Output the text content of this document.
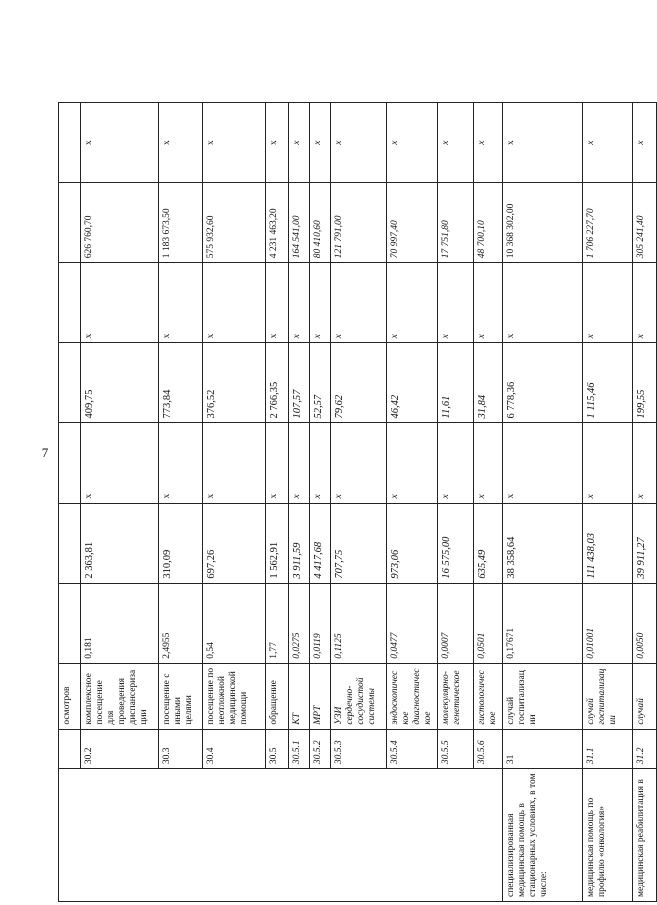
7
		осмотров							
	30.2	комплексное посещение для проведения диспансеризации	0,181	2 363,81	х	409,75	х	626 760,70	х
	30.3	посещение с иными целями	2,4955	310,09	х	773,84	х	1 183 673,50	х
	30.4	посещение по неотложной медицинской помощи	0,54	697,26	х	376,52	х	575 932,60	х
	30.5	обращение	1,77	1 562,91	х	2 766,35	х	4 231 463,20	х
	30.5.1	КТ	0,0275	3 911,59	х	107,57	х	164 541,00	х
	30.5.2	МРТ	0,0119	4 417,68	х	52,57	х	80 410,60	х
	30.5.3	УЗИ сердечно-сосудистой системы	0,1125	707,75	х	79,62	х	121 791,00	х
	30.5.4	эндоскопическое диагностическое	0,0477	973,06	х	46,42	х	70 997,40	х
	30.5.5	молекулярно-генетическое	0,0007	16 575,00	х	11,61	х	17 751,80	х
	30.5.6	гистологическое	0,0501	635,49	х	31,84	х	48 700,10	х
специализированная медицинская помощь в стационарных условиях, в том числе:	31	случай госпитализации	0,17671	38 358,64	х	6 778,36	х	10 368 302,00	х
медицинская помощь по профилю «онкология»	31.1	случай госпитализации	0,01001	111 438,03	х	1 115,46	х	1 706 227,70	х
медицинская реабилитация в	31.2	случай	0,0050	39 911,27	х	199,55	х	305 241,40	х
